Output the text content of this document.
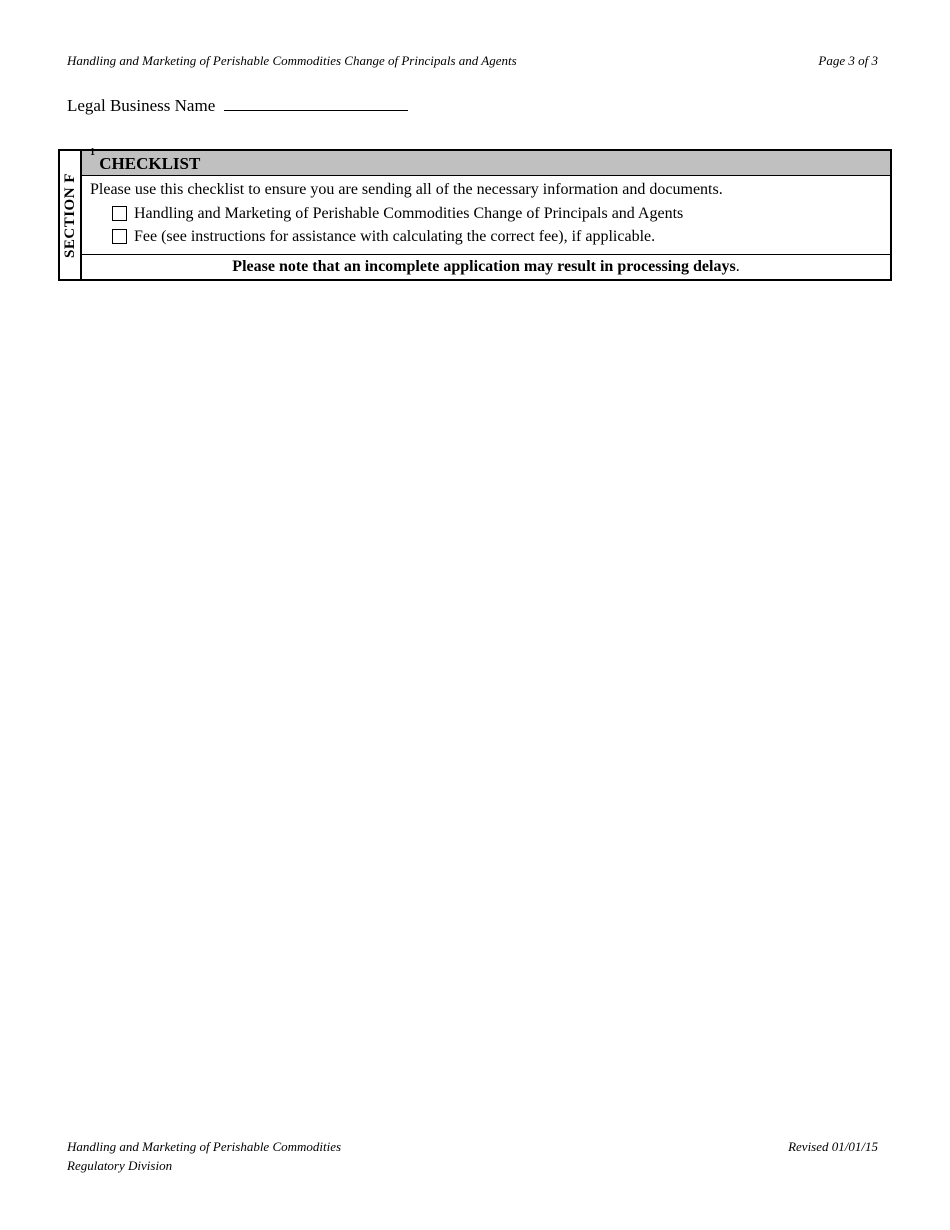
Handling and Marketing of Perishable Commodities Change of Principals and Agents	Page 3 of 3
Legal Business Name
SECTION F
$^1$ CHECKLIST
Please use this checklist to ensure you are sending all of the necessary information and documents.
Handling and Marketing of Perishable Commodities Change of Principals and Agents
Fee (see instructions for assistance with calculating the correct fee), if applicable.
Please note that an incomplete application may result in processing delays.
Handling and Marketing of Perishable Commodities
Regulatory Division
Revised 01/01/15
